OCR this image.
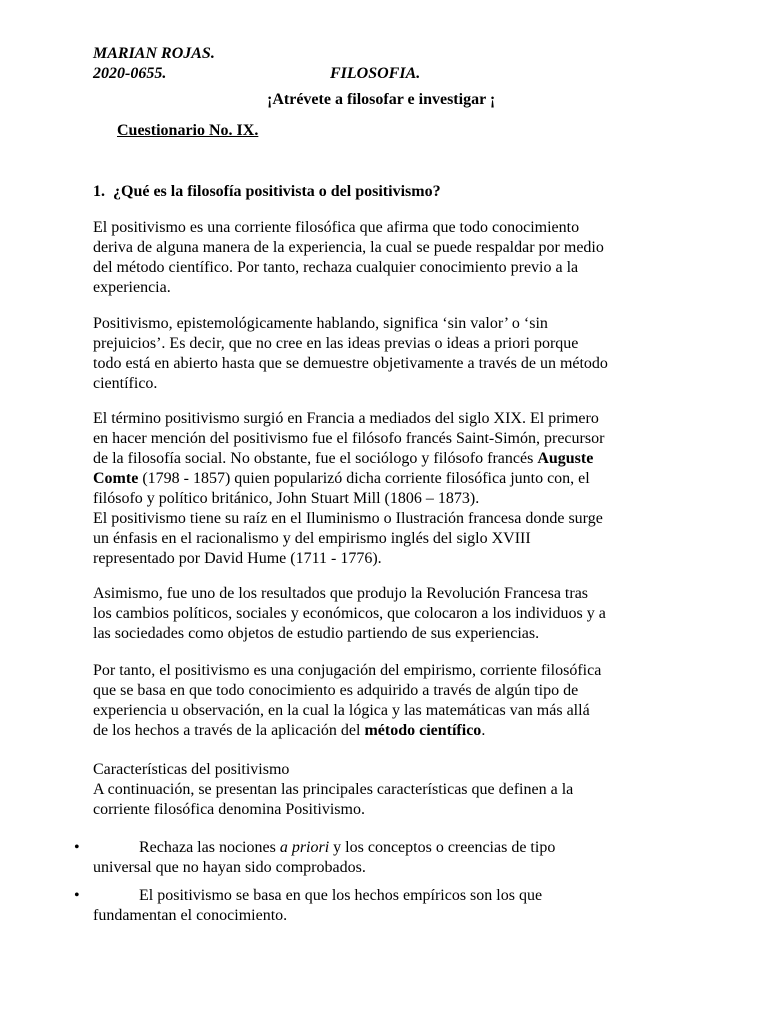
MARIAN ROJAS.
2020-0655.	FILOSOFIA.
¡Atrévete a filosofar e investigar ¡
Cuestionario No. IX.
1. ¿Qué es la filosofía positivista o del positivismo?

El positivismo es una corriente filosófica que afirma que todo conocimiento

deriva de alguna manera de la experiencia, la cual se puede respaldar por medio

del método científico. Por tanto, rechaza cualquier conocimiento previo a la

experiencia.

Positivismo, epistemológicamente hablando, significa ‘sin valor’ o ‘sin

prejuicios’. Es decir, que no cree en las ideas previas o ideas a priori porque

todo está en abierto hasta que se demuestre objetivamente a través de un método

científico.

El término positivismo surgió en Francia a mediados del siglo XIX. El primero

en hacer mención del positivismo fue el filósofo francés Saint-Simón, precursor

de la filosofía social. No obstante, fue el sociólogo y filósofo francés Auguste

Comte (1798 - 1857) quien popularizó dicha corriente filosófica junto con, el

filósofo y político británico, John Stuart Mill (1806 – 1873).

El positivismo tiene su raíz en el Iluminismo o Ilustración francesa donde surge

un énfasis en el racionalismo y del empirismo inglés del siglo XVIII

representado por David Hume (1711 - 1776).

Asimismo, fue uno de los resultados que produjo la Revolución Francesa tras

los cambios políticos, sociales y económicos, que colocaron a los individuos y a

las sociedades como objetos de estudio partiendo de sus experiencias.

Por tanto, el positivismo es una conjugación del empirismo, corriente filosófica

que se basa en que todo conocimiento es adquirido a través de algún tipo de

experiencia u observación, en la cual la lógica y las matemáticas van más allá

de los hechos a través de la aplicación del método científico.

Características del positivismo

A continuación, se presentan las principales características que definen a la

corriente filosófica denomina Positivismo.

•	Rechaza las nociones a priori y los conceptos o creencias de tipo
universal que no hayan sido comprobados.
•	El positivismo se basa en que los hechos empíricos son los que
fundamentan el conocimiento.
